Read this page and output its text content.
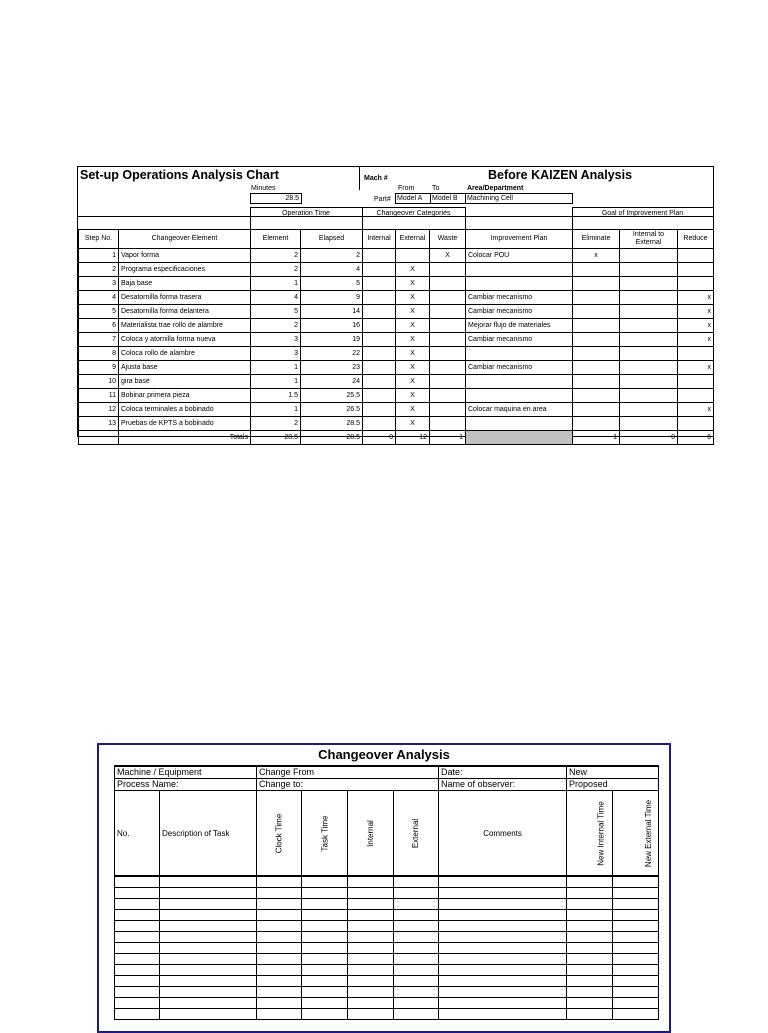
Set-up Operations Analysis Chart	Before KAIZEN Analysis
Minutes
28.5
Mach #
From	To	Area/Department
Part# Model A	Model B	Machining Cell
Operation Time	Changeover Categories	Goal of Improvement Plan
Step No.	Changeover Element	Element	Elapsed	Internal	External	Waste	Improvement Plan	Eliminate	Internal to External	Reduce
1	Vapor forma	2	2			X	Colocar POU	x		
2	Programa especificaciones	2	4		X					
3	Baja base	1	5		X					
4	Desatornilla forma trasera	4	9		X		Cambiar mecanismo			x
5	Desatornilla forma delantera	5	14		X		Cambiar mecanismo			x
6	Materialista trae rollo de alambre	2	16		X		Mejorar flujo de materiales			x
7	Coloca y atornilla forma nueva	3	19		X		Cambiar mecanismo			x
8	Coloca rollo de alambre	3	22		X					
9	Ajusta base	1	23		X		Cambiar mecanismo			x
10	gira base	1	24		X					
11	Bobinar primera pieza	1.5	25.5		X					
12	Coloca terminales a bobinado	1	26.5		X		Colocar maquina en area			x
13	Pruebas de KPTS a bobinado	2	28.5		X					
	Totals	28.5	28.5	0	12	1		1	0	6
Changeover Analysis
Machine / Equipment		Change From				Date:	New	
Process Name:		Change to:				Name of observer:	Proposed	
No.	Description of Task	Clock Time	Task Time	Internal	External	Comments	New Internal Time	New External Time
